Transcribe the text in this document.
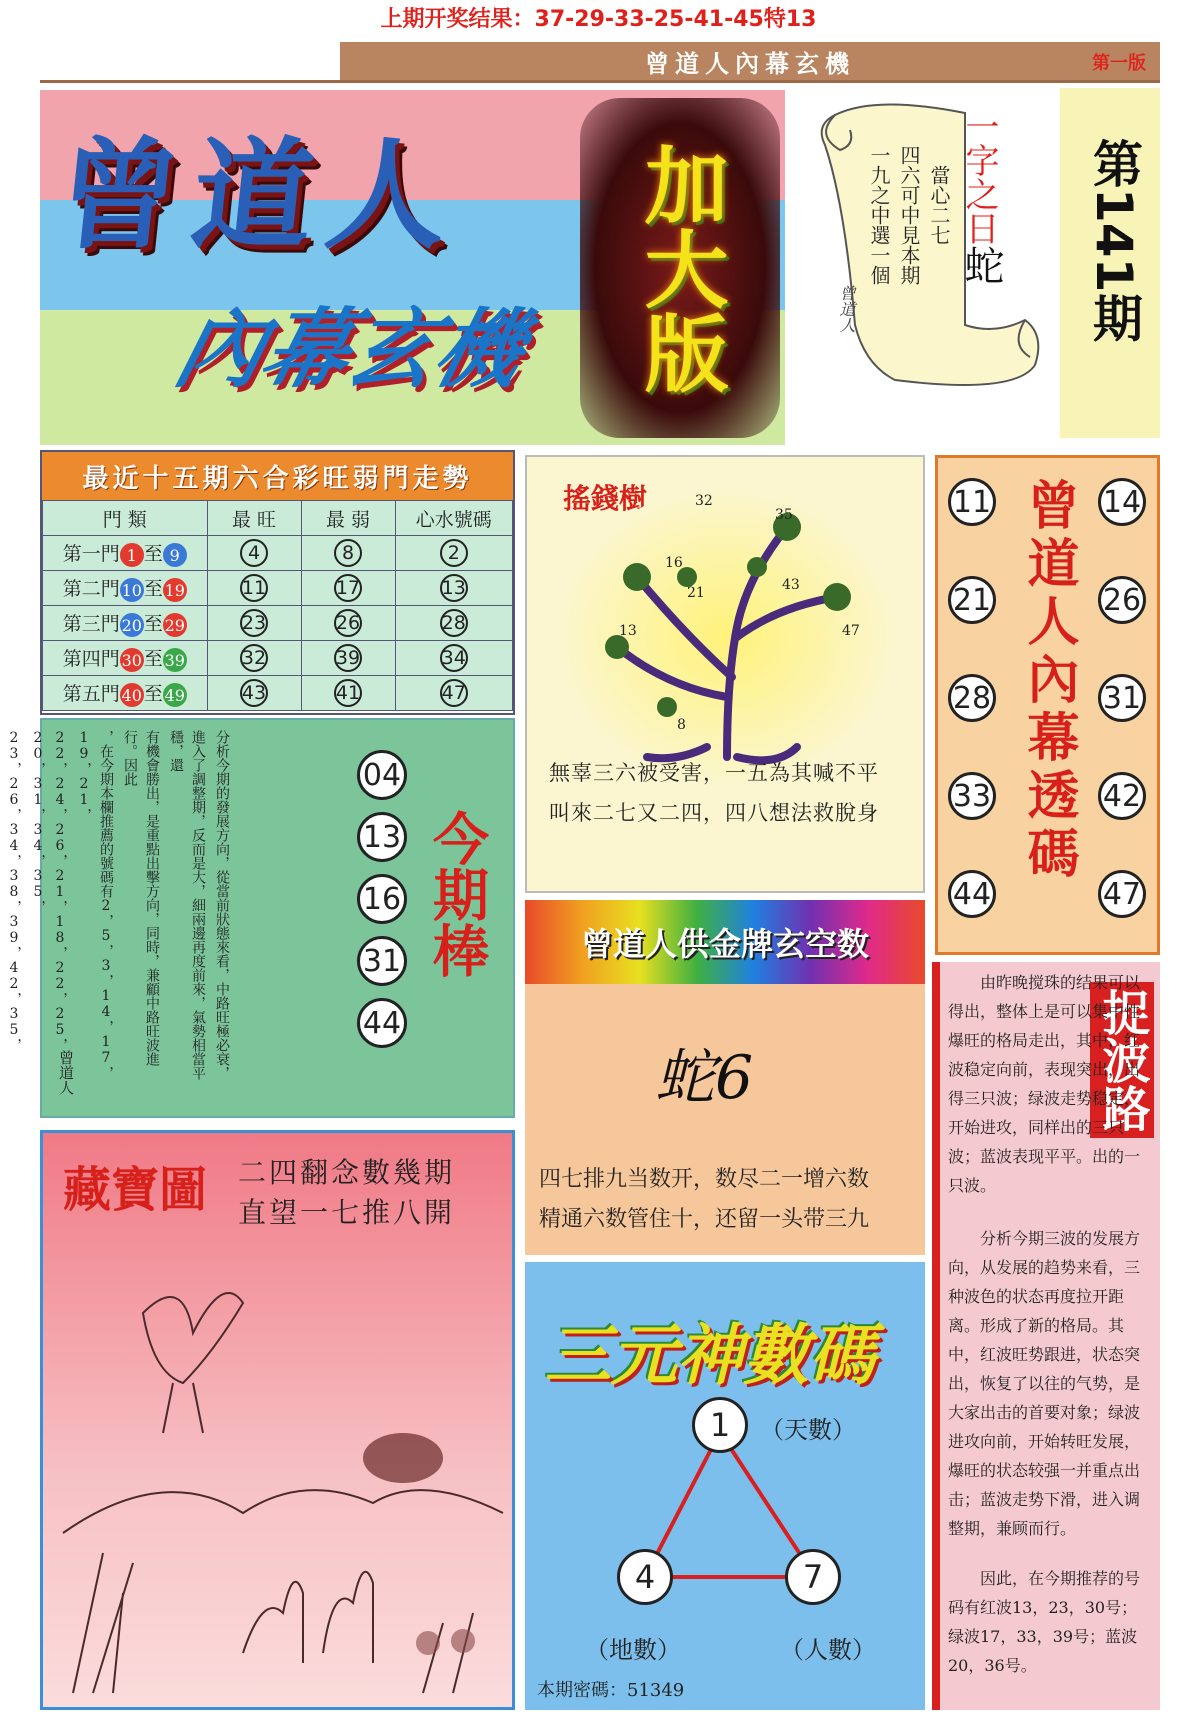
上期开奖结果：37-29-33-25-41-45特13
曾道人內幕玄機	第一版
曾道人
內幕玄機 加大版	一字之日
蛇
當心二七
四六可中見本期
一九之中選一個
曾道人	第141期
最近十五期六合彩旺弱門走勢
門 類	最 旺	最 弱	心水號碼
第一門 1 至 9	4	8	2
第二門 10至 19	11	17	13
第三門 20至 29	23	26	28
第四門 30至 39	32	39	34
第五門 40至 49	43	41	47
分析今期的發展方向，從當前狀態來看，中路旺極必衰，
進入了調整期，反而是大，細兩邊再度前來，氣勢相當平穩，還
有機會勝出，是重點出擊方向，同時，兼顧中路旺波進行。因此
，在今期本欄推薦的號碼有2，5，3，14，17，19，21，
22，24，26，21，18，22，25，20，31，34，35，
23，26，34，38，39，42，35，
曾道人
04
13
16
31
44
今期棒
藏寶圖 二四翻念數幾期
直望一七推八開
搖錢樹	32
35
16
21	43
47
13
8
無辜三六被受害，一五為其喊不平
叫來二七又二四，四八想法救脫身
曾道人供金牌玄空数
蛇6
四七排九当数开，数尽二一增六数
精通六数管住十，还留一头带三九
三元神數碼
1
4	7
（天數）
（地數）	（人數）
本期密碼：51349
曾道人內幕透碼
11
21
28
33
44
14
26
31
42
47
捉波路
由昨晚搅珠的结果可以得出，整体上是可以集中性爆旺的格局走出，其中，红波稳定向前，表现突出，出得三只波；绿波走势稳定，开始进攻，同样出的三只波；蓝波表现平平。出的一只波。
分析今期三波的发展方向，从发展的趋势来看，三种波色的状态再度拉开距离。形成了新的格局。其中，红波旺势跟进，状态突出，恢复了以往的气势，是大家出击的首要对象；绿波进攻向前，开始转旺发展，爆旺的状态较强一并重点出击；蓝波走势下滑，进入调整期，兼顾而行。
因此，在今期推荐的号码有红波13，23，30号；绿波17，33，39号；蓝波20，36号。
